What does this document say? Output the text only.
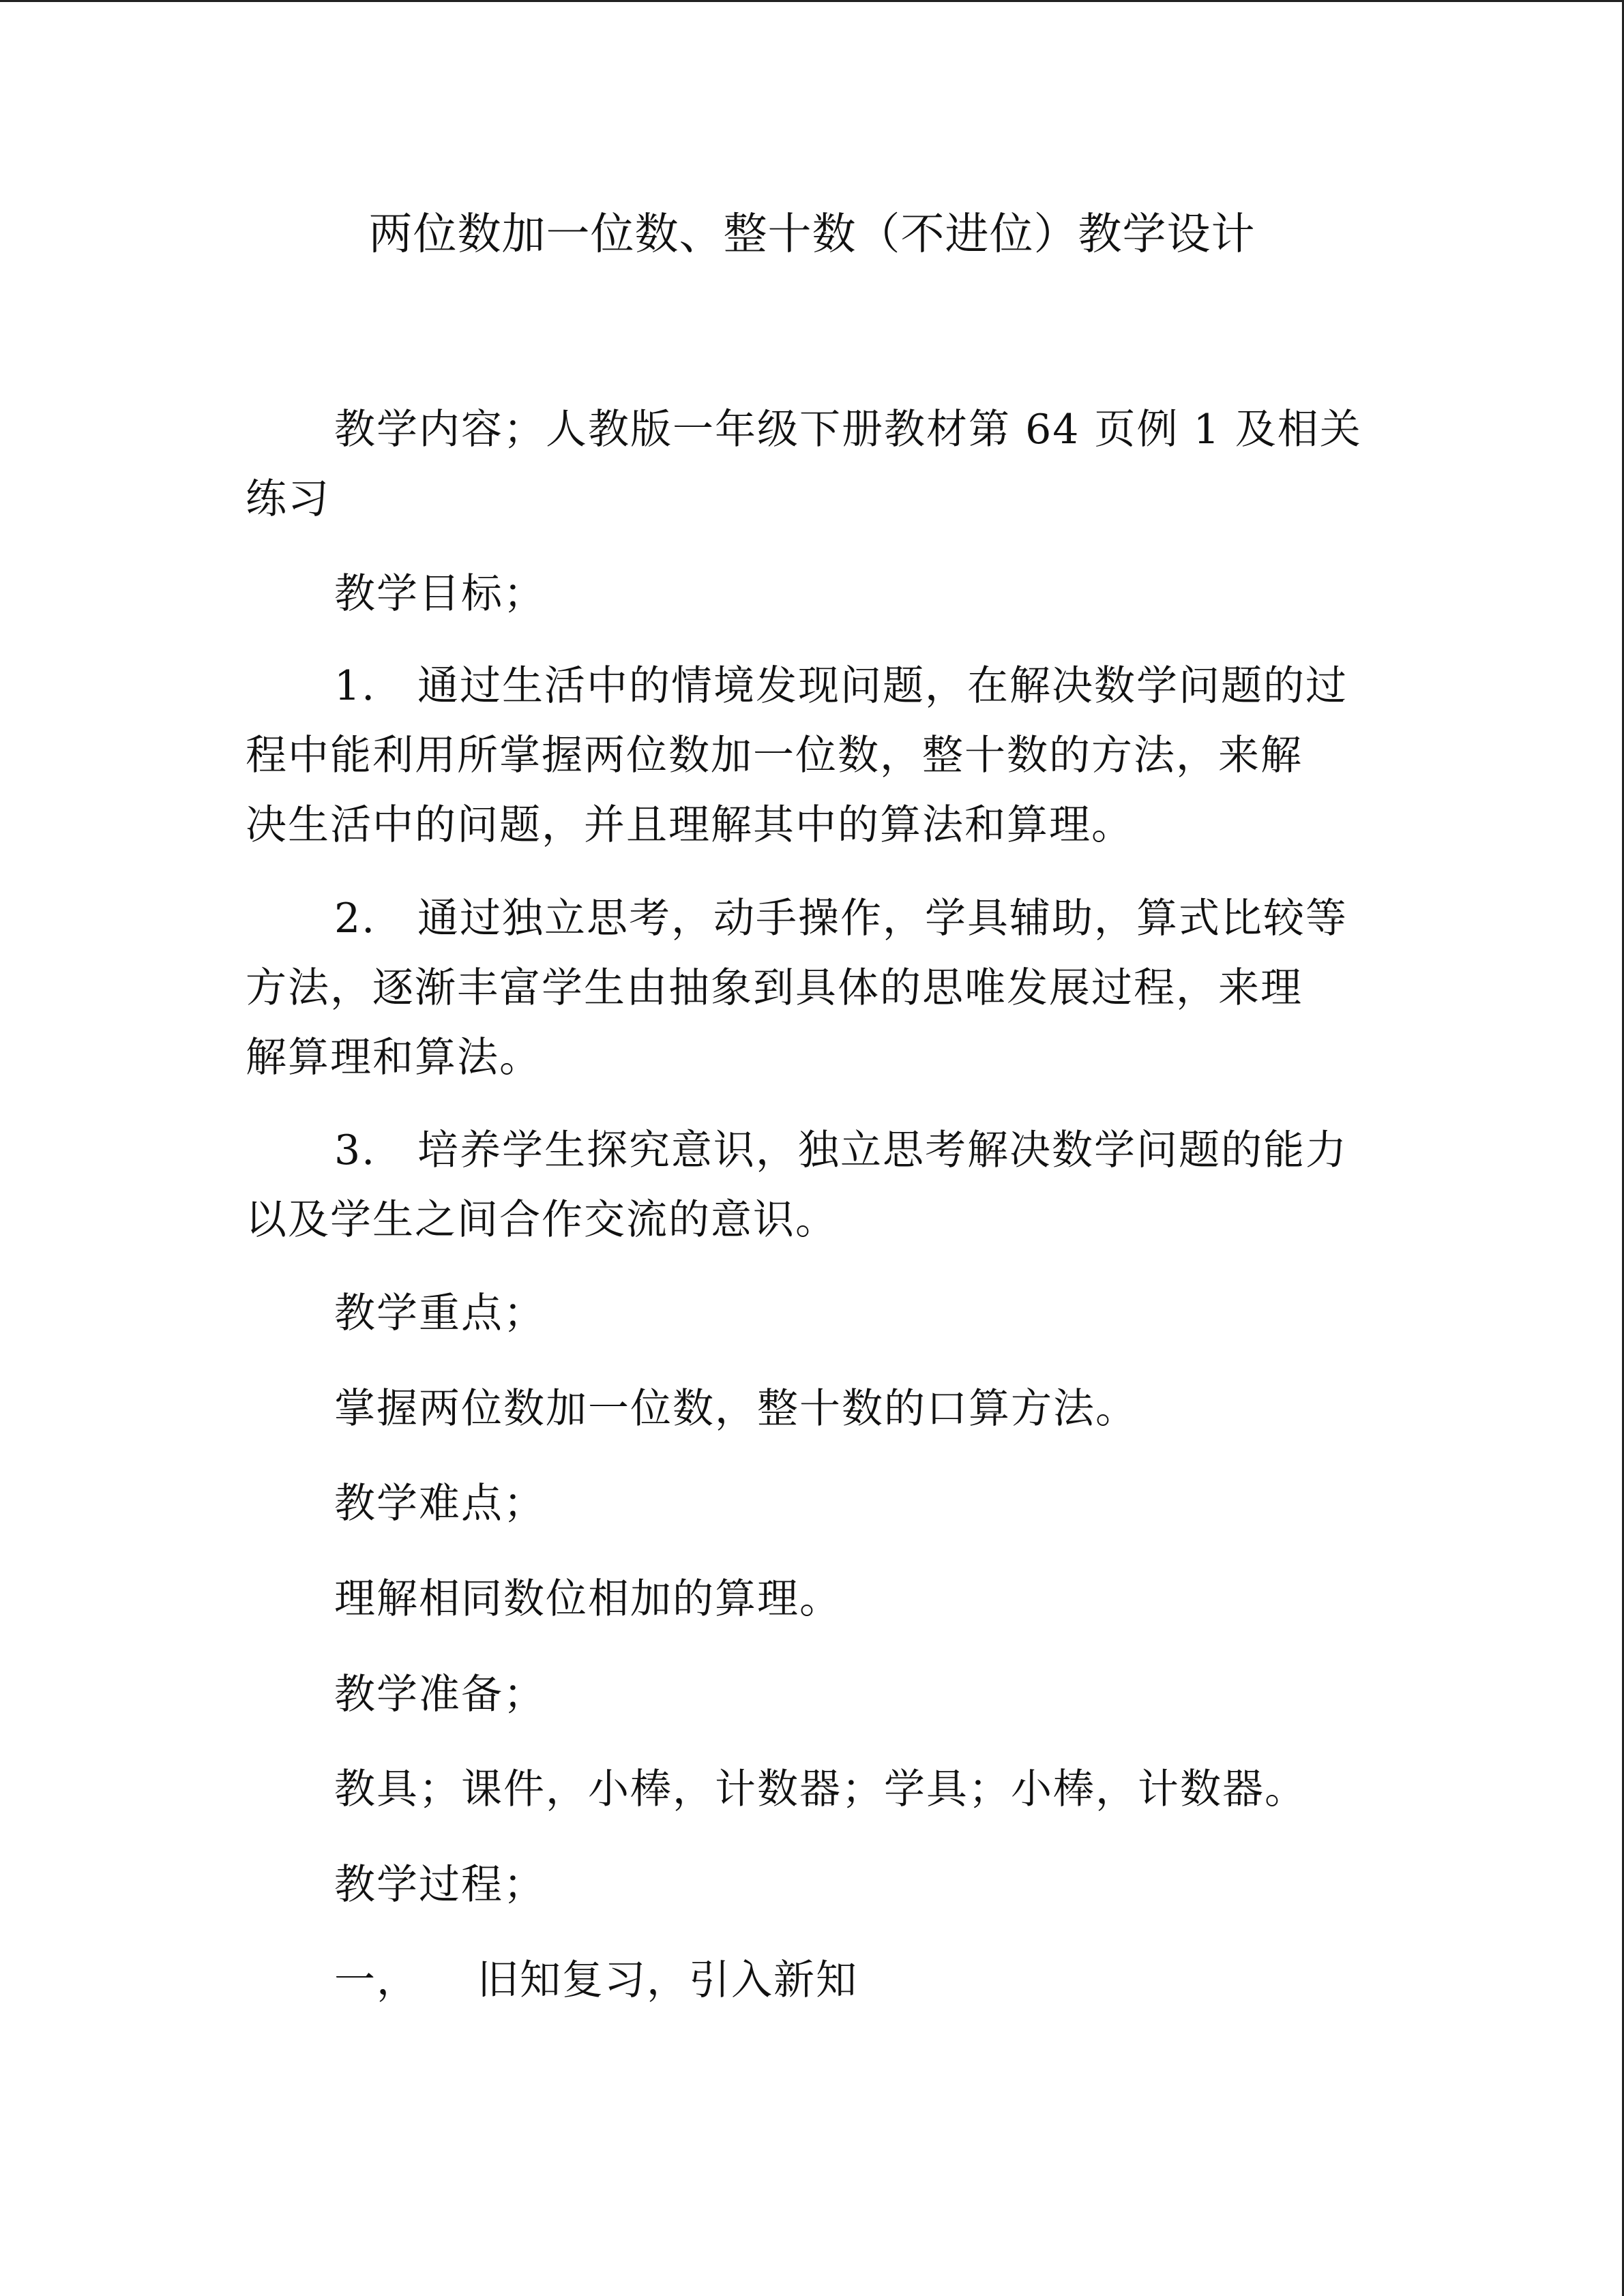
两位数加一位数、整十数（不进位）教学设计
教学内容；人教版一年级下册教材第 64 页例 1 及相关
练习
教学目标；
1. 通过生活中的情境发现问题，在解决数学问题的过
程中能利用所掌握两位数加一位数，整十数的方法，来解
决生活中的问题，并且理解其中的算法和算理。
2. 通过独立思考，动手操作，学具辅助，算式比较等
方法，逐渐丰富学生由抽象到具体的思唯发展过程，来理
解算理和算法。
3. 培养学生探究意识，独立思考解决数学问题的能力
以及学生之间合作交流的意识。
教学重点；
掌握两位数加一位数，整十数的口算方法。
教学难点；
理解相同数位相加的算理。
教学准备；
教具；课件，小棒，计数器；学具；小棒，计数器。
教学过程；
一， 旧知复习，引入新知
